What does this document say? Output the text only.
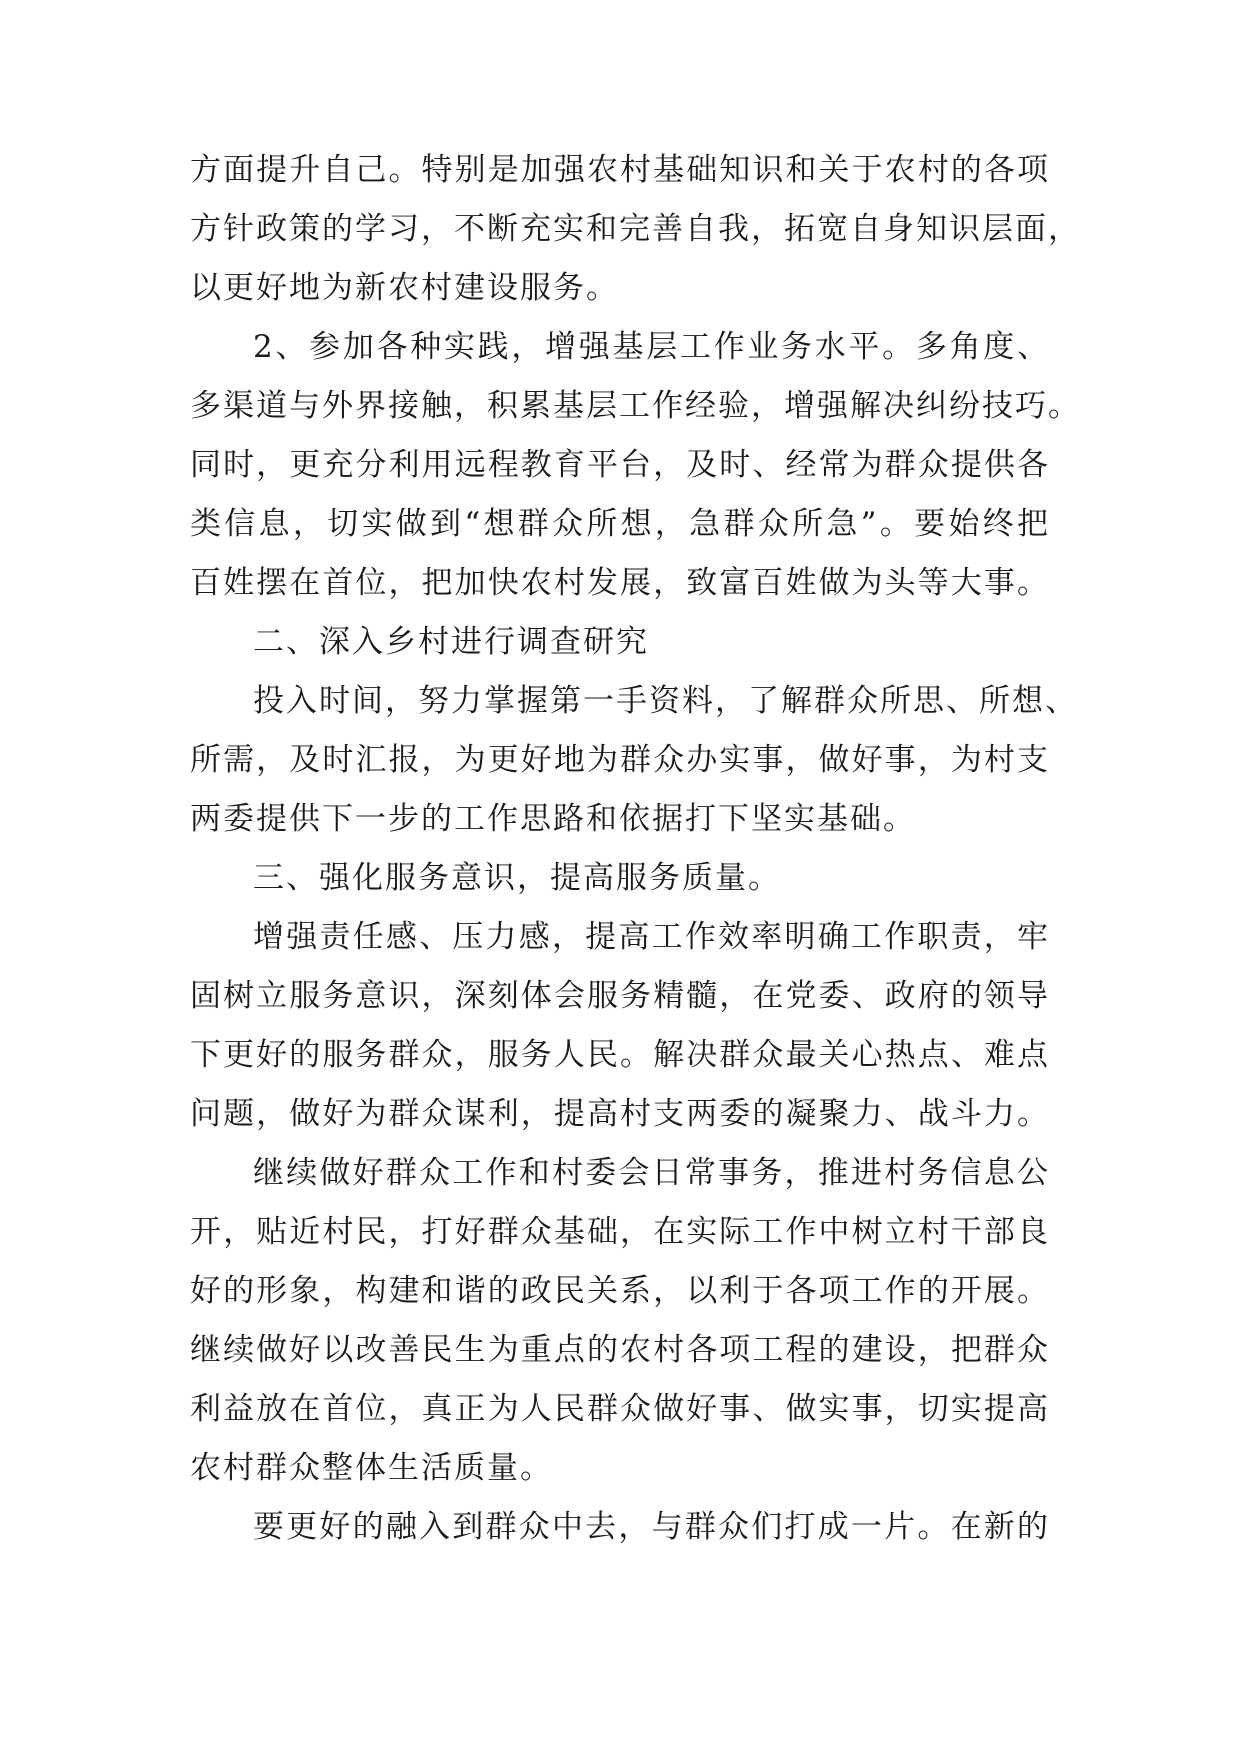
方面提升自己。特别是加强农村基础知识和关于农村的各项
方针政策的学习，不断充实和完善自我，拓宽自身知识层面，
以更好地为新农村建设服务。
2、参加各种实践，增强基层工作业务水平。多角度、
多渠道与外界接触，积累基层工作经验，增强解决纠纷技巧。
同时，更充分利用远程教育平台，及时、经常为群众提供各
类信息，切实做到“想群众所想，急群众所急”。要始终把
百姓摆在首位，把加快农村发展，致富百姓做为头等大事。
二、深入乡村进行调查研究
投入时间，努力掌握第一手资料，了解群众所思、所想、
所需，及时汇报，为更好地为群众办实事，做好事，为村支
两委提供下一步的工作思路和依据打下坚实基础。
三、强化服务意识，提高服务质量。
增强责任感、压力感，提高工作效率明确工作职责，牢
固树立服务意识，深刻体会服务精髓，在党委、政府的领导
下更好的服务群众，服务人民。解决群众最关心热点、难点
问题，做好为群众谋利，提高村支两委的凝聚力、战斗力。
继续做好群众工作和村委会日常事务，推进村务信息公
开，贴近村民，打好群众基础，在实际工作中树立村干部良
好的形象，构建和谐的政民关系，以利于各项工作的开展。
继续做好以改善民生为重点的农村各项工程的建设，把群众
利益放在首位，真正为人民群众做好事、做实事，切实提高
农村群众整体生活质量。
要更好的融入到群众中去，与群众们打成一片。在新的
